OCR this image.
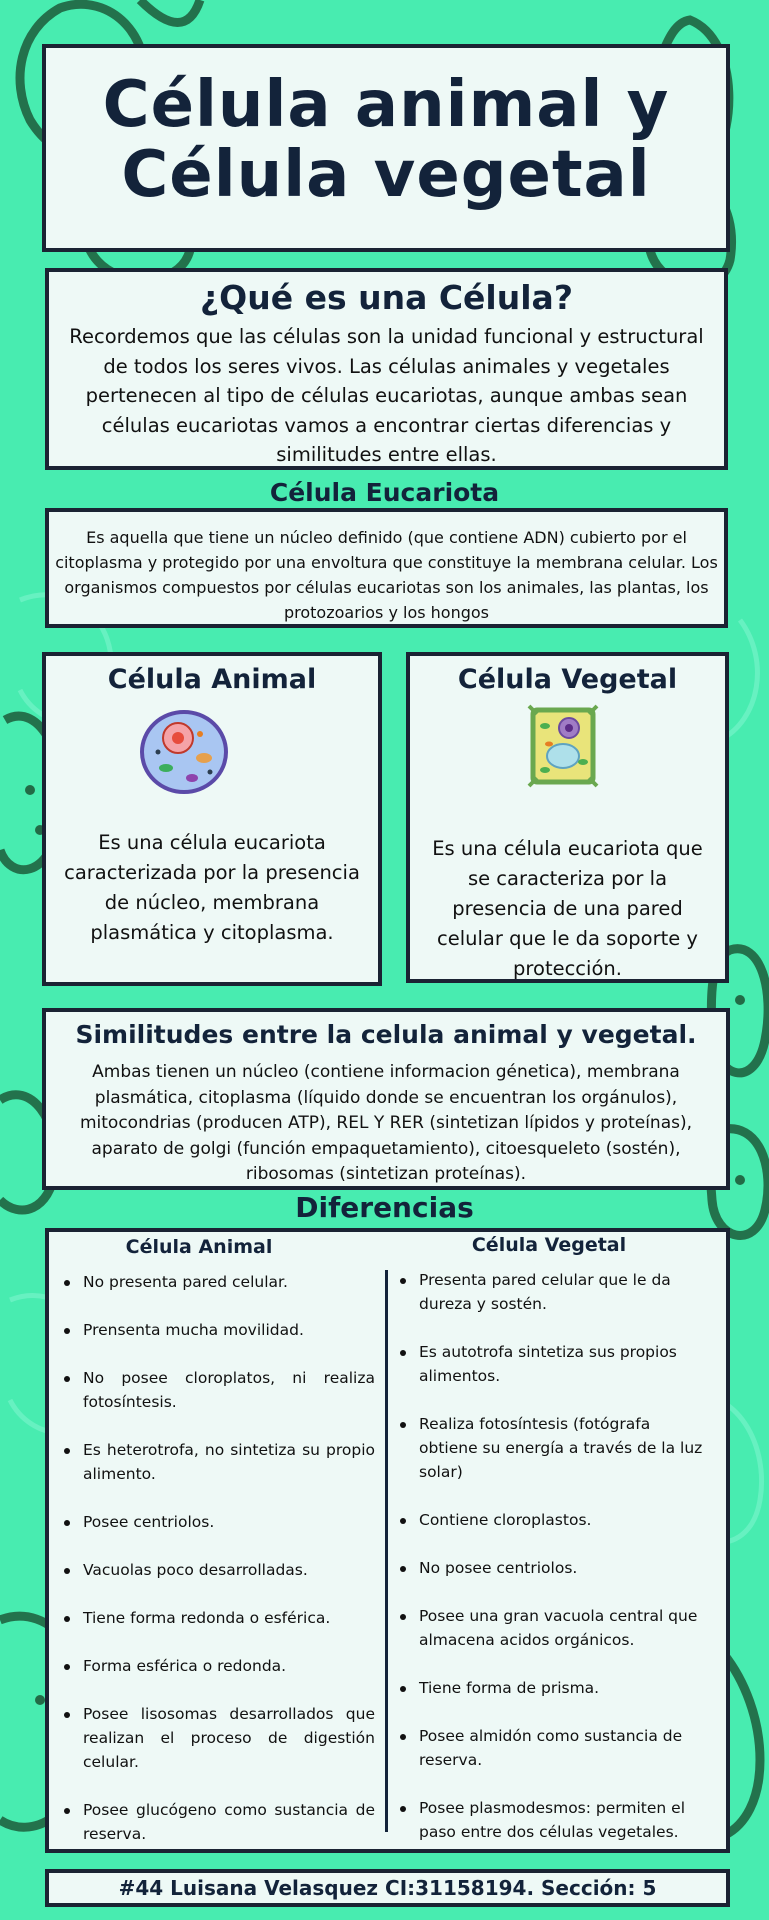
Célula animal y
Célula vegetal
¿Qué es una Célula?
Recordemos que las células son la unidad funcional y estructural de todos los seres vivos. Las células animales y vegetales pertenecen al tipo de células eucariotas, aunque ambas sean células eucariotas vamos a encontrar ciertas diferencias y similitudes entre ellas.
Célula Eucariota
Es aquella que tiene un núcleo definido (que contiene ADN) cubierto por el citoplasma y protegido por una envoltura que constituye la membrana celular. Los organismos compuestos por células eucariotas son los animales, las plantas, los protozoarios y los hongos
Célula Animal
Es una célula eucariota caracterizada por la presencia de núcleo, membrana plasmática y citoplasma.
Célula Vegetal
Es una célula eucariota que se caracteriza por la presencia de una pared celular que le da soporte y protección.
Similitudes entre la celula animal y vegetal.
Ambas tienen un núcleo (contiene informacion génetica), membrana plasmática, citoplasma (líquido donde se encuentran los orgánulos), mitocondrias (producen ATP), REL Y RER (sintetizan lípidos y proteínas), aparato de golgi (función empaquetamiento), citoesqueleto (sostén), ribosomas (sintetizan proteínas).
Diferencias
Célula Animal	Célula Vegetal
No presenta pared celular.
Prensenta mucha movilidad.
No posee cloroplatos, ni realiza fotosíntesis.
Es heterotrofa, no sintetiza su propio alimento.
Posee centriolos.
Vacuolas poco desarrolladas.
Tiene forma redonda o esférica.
Forma esférica o redonda.
Posee lisosomas desarrollados que realizan el proceso de digestión celular.
Posee glucógeno como sustancia de reserva.
Presenta pared celular que le da dureza y sostén.
Es autotrofa sintetiza sus propios alimentos.
Realiza fotosíntesis (fotógrafa obtiene su energía a través de la luz solar)
Contiene cloroplastos.
No posee centriolos.
Posee una gran vacuola central que almacena acidos orgánicos.
Tiene forma de prisma.
Posee almidón como sustancia de reserva.
Posee plasmodesmos: permiten el paso entre dos células vegetales.
#44 Luisana Velasquez CI:31158194. Sección: 5
